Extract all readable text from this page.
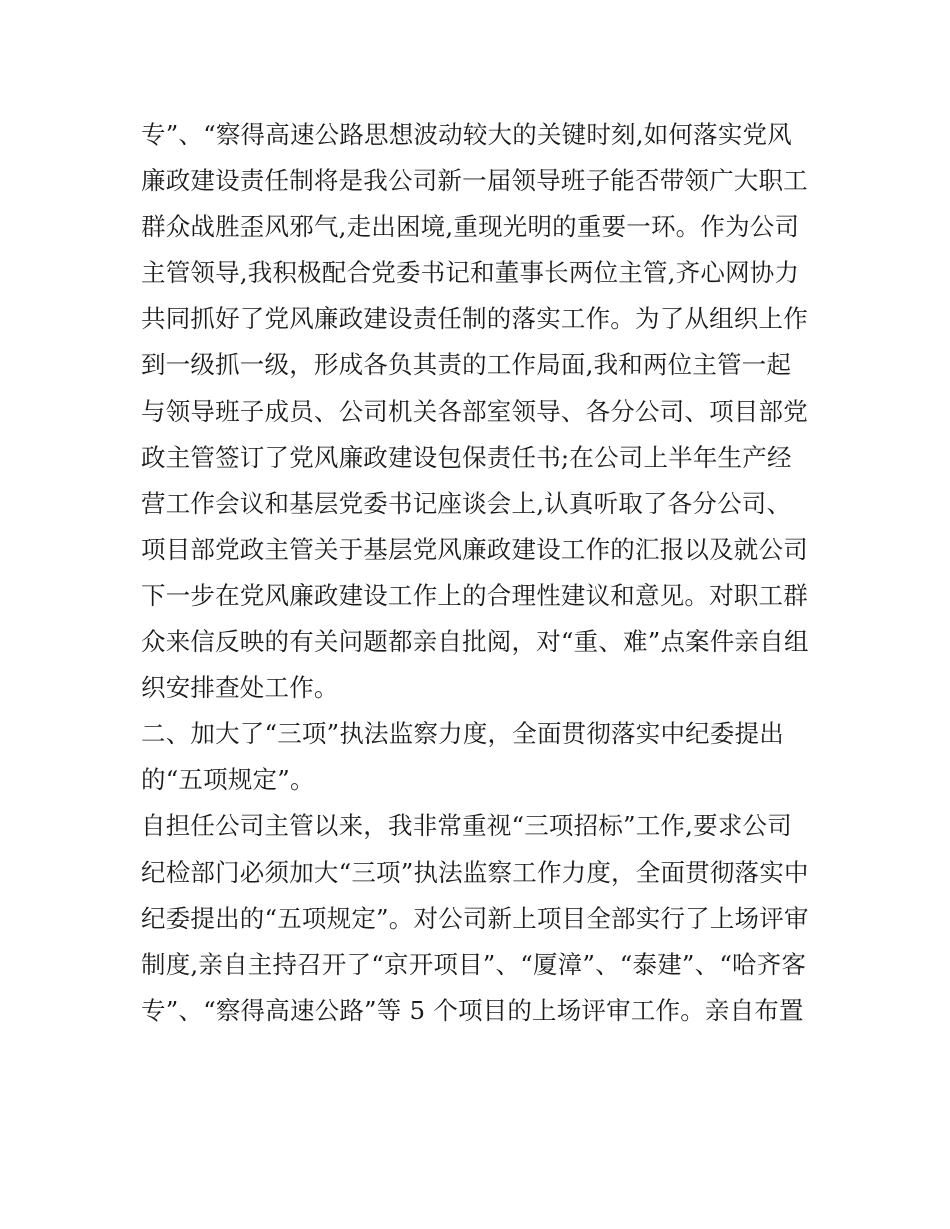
专”、“察得高速公路思想波动较大的关键时刻,如何落实党风
廉政建设责任制将是我公司新一届领导班子能否带领广大职工
群众战胜歪风邪气,走出困境,重现光明的重要一环。作为公司
主管领导,我积极配合党委书记和董事长两位主管,齐心网协力
共同抓好了党风廉政建设责任制的落实工作。为了从组织上作
到一级抓一级，形成各负其责的工作局面,我和两位主管一起
与领导班子成员、公司机关各部室领导、各分公司、项目部党
政主管签订了党风廉政建设包保责任书;在公司上半年生产经
营工作会议和基层党委书记座谈会上,认真听取了各分公司、
项目部党政主管关于基层党风廉政建设工作的汇报以及就公司
下一步在党风廉政建设工作上的合理性建议和意见。对职工群
众来信反映的有关问题都亲自批阅，对“重、难”点案件亲自组
织安排查处工作。
二、加大了“三项”执法监察力度，全面贯彻落实中纪委提出
的“五项规定”。
自担任公司主管以来，我非常重视“三项招标”工作,要求公司
纪检部门必须加大“三项”执法监察工作力度，全面贯彻落实中
纪委提出的“五项规定”。对公司新上项目全部实行了上场评审
制度,亲自主持召开了“京开项目”、“厦漳”、“泰建”、“哈齐客
专”、“察得高速公路”等 5 个项目的上场评审工作。亲自布置
